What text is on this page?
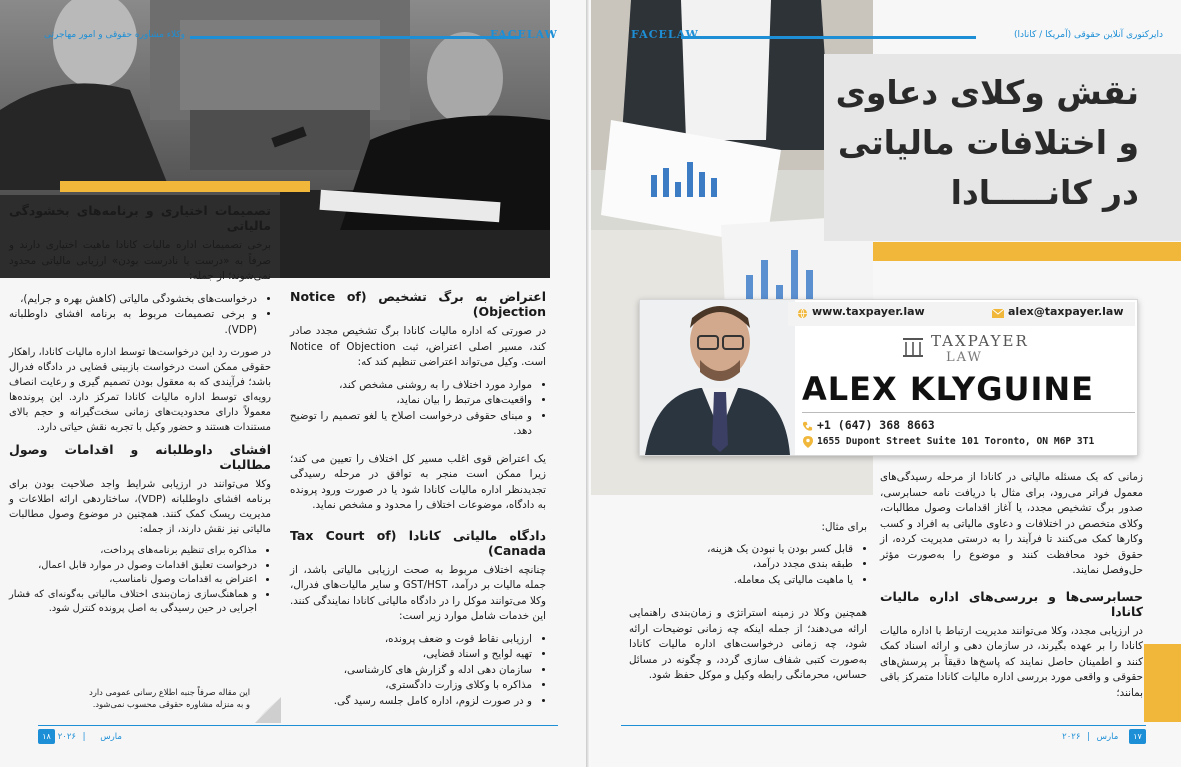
وکلاء مشاوره حقوقی و امور مهاجرتی	FACELAW
تصمیمات اختیاری و برنامه‌های بخشودگی مالیاتی
برخی تصمیمات اداره مالیات کانادا ماهیت اختیاری دارند و صرفاً به «درست یا نادرست بودن» ارزیابی مالیاتی محدود نمی‌شوند؛ از جمله:
• درخواست‌های بخشودگی مالیاتی (کاهش بهره و جرایم)،
• و برخی تصمیمات مربوط به برنامه افشای داوطلبانه (VDP).
در صورت رد این درخواست‌ها توسط اداره مالیات کانادا، راهکار حقوقی ممکن است درخواست بازبینی قضایی در دادگاه فدرال باشد؛ فرآیندی که به معقول بودن تصمیم گیری و رعایت انصاف رویه‌ای توسط اداره مالیات کانادا تمرکز دارد. این پرونده‌ها معمولاً دارای محدودیت‌های زمانی سخت‌گیرانه و حجم بالای مستندات هستند و حضور وکیل با تجربه نقش حیاتی دارد.
افشای داوطلبانه و اقدامات وصول مطالبات
وکلا می‌توانند در ارزیابی شرایط واجد صلاحیت بودن برای برنامه افشای داوطلبانه (VDP)، ساختاردهی ارائه اطلاعات و مدیریت ریسک کمک کنند. همچنین در موضوع وصول مطالبات مالیاتی نیز نقش دارند، از جمله:
• مذاکره برای تنظیم برنامه‌های پرداخت،
• درخواست تعلیق اقدامات وصول در موارد قابل اعمال،
• اعتراض به اقدامات وصول نامناسب،
• و هماهنگ‌سازی زمان‌بندی اختلاف مالیاتی به‌گونه‌ای که فشار اجرایی در حین رسیدگی به اصل پرونده کنترل شود.
این مقاله صرفاً جنبه اطلاع رسانی عمومی دارد
و به منزله مشاوره حقوقی محسوب نمی‌شود.
اعتراض به برگ تشخیص (Notice of Objection)
در صورتی که اداره مالیات کانادا برگ تشخیص مجدد صادر کند، مسیر اصلی اعتراض، ثبت Notice of Objection است. وکیل می‌تواند اعتراضی تنظیم کند که:
• موارد مورد اختلاف را به روشنی مشخص کند،
• واقعیت‌های مرتبط را بیان نماید،
• و مبنای حقوقی درخواست اصلاح یا لغو تصمیم را توضیح دهد.
یک اعتراض قوی اغلب مسیر کل اختلاف را تعیین می کند؛ زیرا ممکن است منجر به توافق در مرحله رسیدگی تجدیدنظر اداره مالیات کانادا شود یا در صورت ورود پرونده به دادگاه، موضوعات اختلاف را محدود و مشخص نماید.
دادگاه مالیاتی کانادا (Tax Court of Canada)
چنانچه اختلاف مربوط به صحت ارزیابی مالیاتی باشد، از جمله مالیات بر درآمد، GST/HST و سایر مالیات‌های فدرال، وکلا می‌توانند موکل را در دادگاه مالیاتی کانادا نمایندگی کنند. این خدمات شامل موارد زیر است:
• ارزیابی نقاط قوت و ضعف پرونده،
• تهیه لوایح و اسناد قضایی،
• سازمان دهی ادله و گزارش های کارشناسی،
• مذاکره با وکلای وزارت دادگستری،
• و در صورت لزوم، اداره کامل جلسه رسید گی.
۱۸	مارس | ۲۰۲۶
FACELAW	دایرکتوری آنلاین حقوقی (آمریکا / کانادا)
نقش وکلای دعاوی
و اختلافات مالیاتی
در کانـــــادا
www.taxpayer.law	alex@taxpayer.law
TAXPAYER
LAW
ALEX KLYGUINE
+1 (647) 368 8663
1655 Dupont Street Suite 101 Toronto, ON M6P 3T1
زمانی که یک مسئله مالیاتی در کانادا از مرحله رسیدگی‌های معمول فراتر می‌رود، برای مثال با دریافت نامه حسابرسی، صدور برگ تشخیص مجدد، یا آغاز اقدامات وصول مطالبات، وکلای متخصص در اختلافات و دعاوی مالیاتی به افراد و کسب وکارها کمک می‌کنند تا فرآیند را به درستی مدیریت کرده، از حقوق خود محافظت کنند و موضوع را به‌صورت مؤثر حل‌وفصل نمایند.
حسابرسی‌ها و بررسی‌های اداره مالیات کانادا
در ارزیابی مجدد، وکلا می‌توانند مدیریت ارتباط با اداره مالیات کانادا را بر عهده بگیرند، در سازمان دهی و ارائه اسناد کمک کنند و اطمینان حاصل نمایند که پاسخ‌ها دقیقاً بر پرسش‌های حقوقی و واقعی مورد بررسی اداره مالیات کانادا متمرکز باقی بمانند؛
برای مثال:
• قابل کسر بودن یا نبودن یک هزینه،
• طبقه بندی مجدد درآمد،
• یا ماهیت مالیاتی یک معامله.
همچنین وکلا در زمینه استراتژی و زمان‌بندی راهنمایی ارائه می‌دهند؛ از جمله اینکه چه زمانی توضیحات ارائه شود، چه زمانی درخواست‌های اداره مالیات کانادا به‌صورت کتبی شفاف سازی گردد، و چگونه در مسائل حساس، محرمانگی رابطه وکیل و موکل حفظ شود.
۲۰۲۶ | مارس ۱۷
